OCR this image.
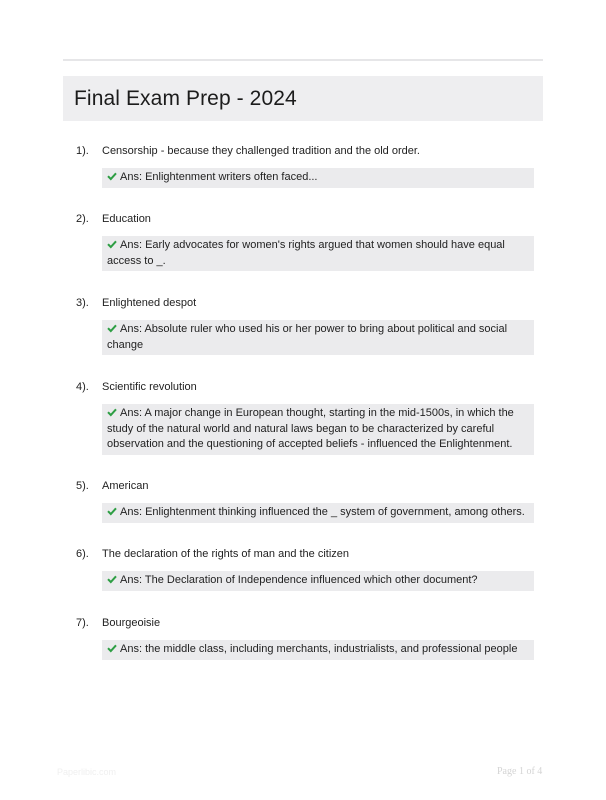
Final Exam Prep - 2024
1).	Censorship - because they challenged tradition and the old order.
Ans: Enlightenment writers often faced...
2).	Education
Ans: Early advocates for women's rights argued that women should have equal access to _.
3).	Enlightened despot
Ans: Absolute ruler who used his or her power to bring about political and social change
4).	Scientific revolution
Ans: A major change in European thought, starting in the mid-1500s, in which the study of the natural world and natural laws began to be characterized by careful observation and the questioning of accepted beliefs - influenced the Enlightenment.
5).	American
Ans: Enlightenment thinking influenced the _ system of government, among others.
6).	The declaration of the rights of man and the citizen
Ans: The Declaration of Independence influenced which other document?
7).	Bourgeoisie
Ans: the middle class, including merchants, industrialists, and professional people
Paperlibic.com	Page 1 of 4
